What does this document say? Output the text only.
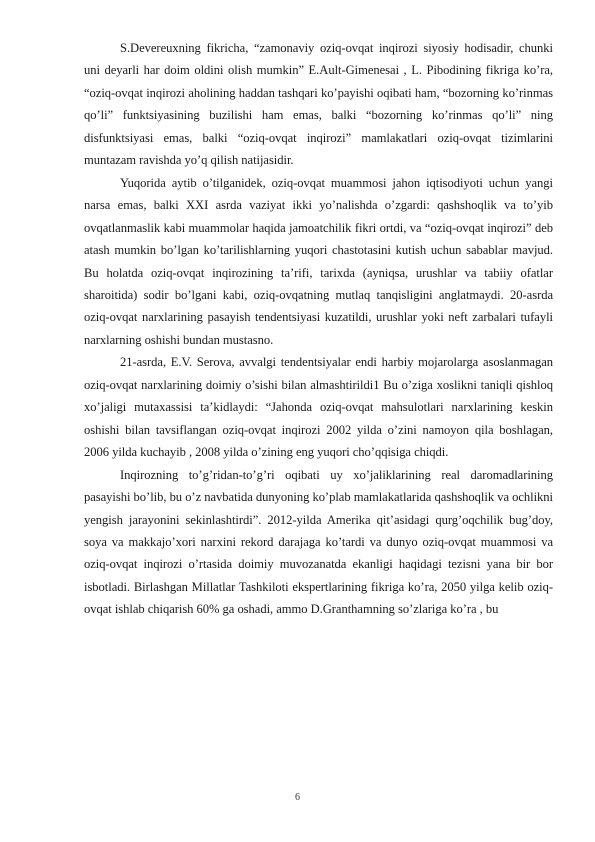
S.Devereuxning fikricha, “zamonaviy oziq-ovqat inqirozi siyosiy hodisadir, chunki uni deyarli har doim oldini olish mumkin” E.Ault-Gimenesai , L. Pibodining fikriga ko’ra, “oziq-ovqat inqirozi aholining haddan tashqari ko’payishi oqibati ham, “bozorning ko’rinmas qo’li” funktsiyasining buzilishi ham emas, balki “bozorning ko’rinmas qo’li” ning disfunktsiyasi emas, balki “oziq-ovqat inqirozi” mamlakatlari oziq-ovqat tizimlarini muntazam ravishda yo’q qilish natijasidir.

Yuqorida aytib o’tilganidek, oziq-ovqat muammosi jahon iqtisodiyoti uchun yangi narsa emas, balki XXI asrda vaziyat ikki yo’nalishda o’zgardi: qashshoqlik va to’yib ovqatlanmaslik kabi muammolar haqida jamoatchilik fikri ortdi, va “oziq-ovqat inqirozi” deb atash mumkin bo’lgan ko’tarilishlarning yuqori chastotasini kutish uchun sabablar mavjud. Bu holatda oziq-ovqat inqirozining ta’rifi, tarixda (ayniqsa, urushlar va tabiiy ofatlar sharoitida) sodir bo’lgani kabi, oziq-ovqatning mutlaq tanqisligini anglatmaydi. 20-asrda oziq-ovqat narxlarining pasayish tendentsiyasi kuzatildi, urushlar yoki neft zarbalari tufayli narxlarning oshishi bundan mustasno.

21-asrda, E.V. Serova, avvalgi tendentsiyalar endi harbiy mojarolarga asoslanmagan oziq-ovqat narxlarining doimiy o’sishi bilan almashtirildi1 Bu o’ziga xoslikni taniqli qishloq xo’jaligi mutaxassisi ta’kidlaydi: “Jahonda oziq-ovqat mahsulotlari narxlarining keskin oshishi bilan tavsiflangan oziq-ovqat inqirozi 2002 yilda o’zini namoyon qila boshlagan, 2006 yilda kuchayib , 2008 yilda o’zining eng yuqori cho’qqisiga chiqdi.

Inqirozning to’g’ridan-to’g’ri oqibati uy xo’jaliklarining real daromadlarining pasayishi bo’lib, bu o’z navbatida dunyoning ko’plab mamlakatlarida qashshoqlik va ochlikni yengish jarayonini sekinlashtirdi”. 2012-yilda Amerika qit’asidagi qurg’oqchilik bug’doy, soya va makkajo’xori narxini rekord darajaga ko’tardi va dunyo oziq-ovqat muammosi va oziq-ovqat inqirozi o’rtasida doimiy muvozanatda ekanligi haqidagi tezisni yana bir bor isbotladi. Birlashgan Millatlar Tashkiloti ekspertlarining fikriga ko’ra, 2050 yilga kelib oziq-ovqat ishlab chiqarish 60% ga oshadi, ammo D.Granthamning so’zlariga ko’ra , bu

6
